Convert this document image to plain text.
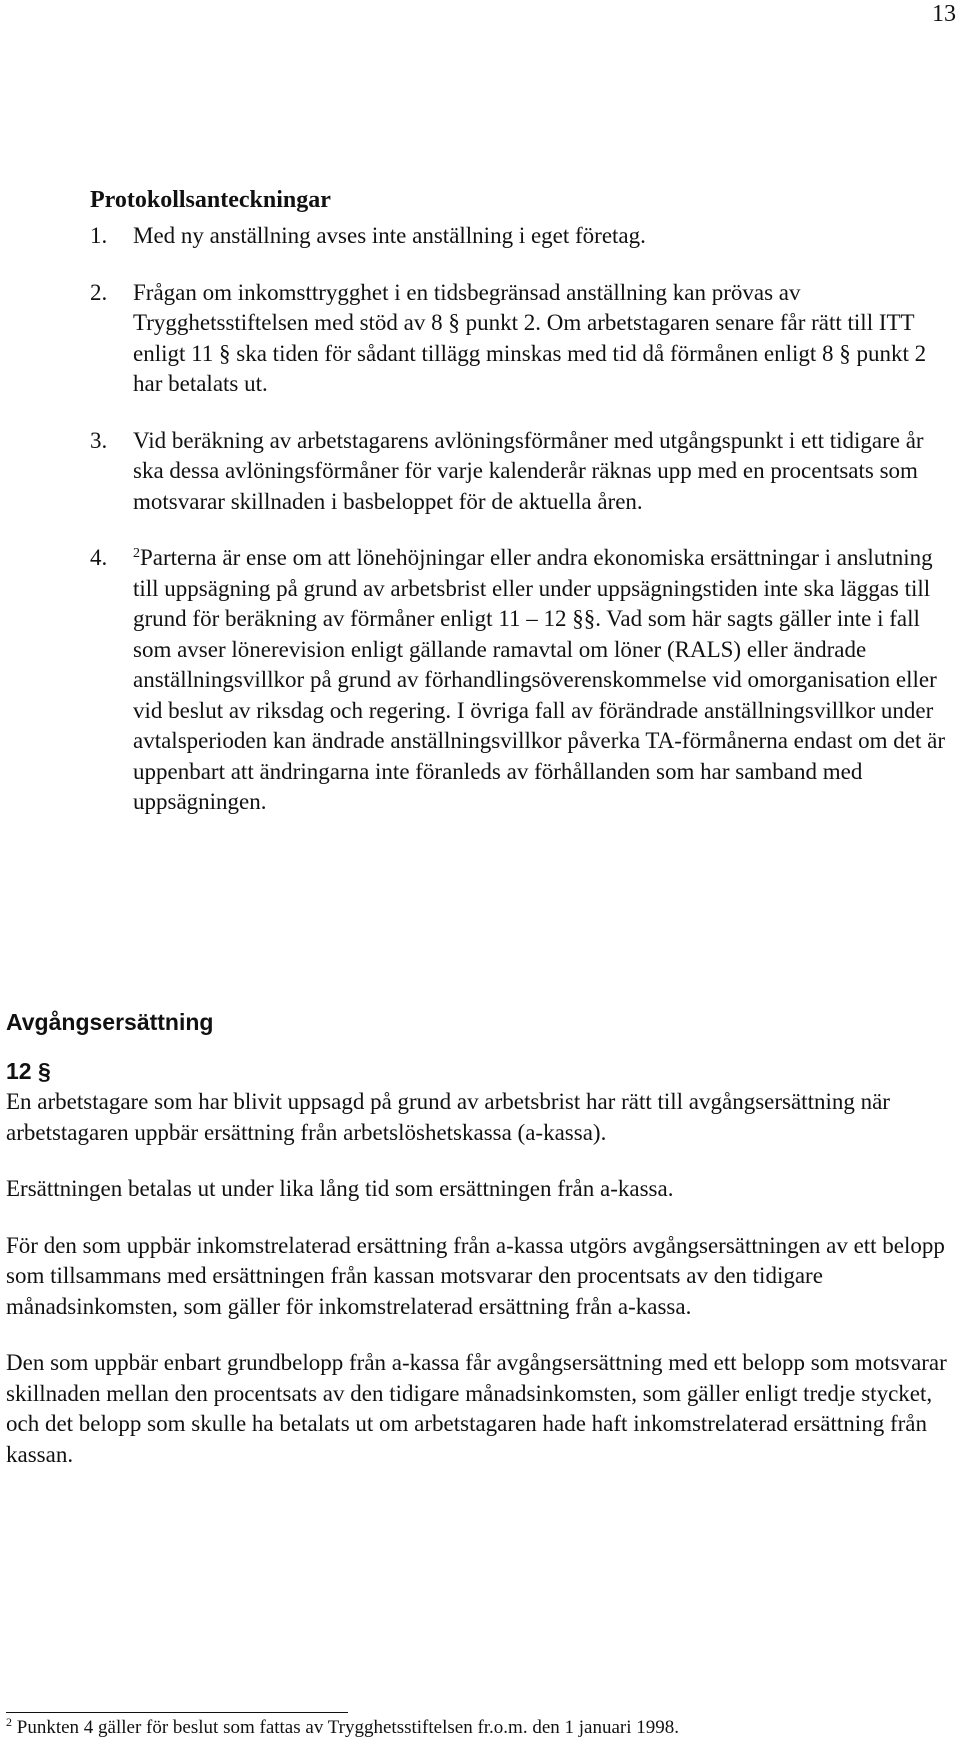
13
Protokollsanteckningar
1. Med ny anställning avses inte anställning i eget företag.
2. Frågan om inkomsttrygghet i en tidsbegränsad anställning kan prövas av Trygghetsstiftelsen med stöd av 8 § punkt 2. Om arbetstagaren senare får rätt till ITT enligt 11 § ska tiden för sådant tillägg minskas med tid då förmånen enligt 8 § punkt 2 har betalats ut.
3. Vid beräkning av arbetstagarens avlöningsförmåner med utgångspunkt i ett tidigare år ska dessa avlöningsförmåner för varje kalenderår räknas upp med en procentsats som motsvarar skillnaden i basbeloppet för de aktuella åren.
4. $^2$Parterna är ense om att lönehöjningar eller andra ekonomiska ersättningar i anslutning till uppsägning på grund av arbetsbrist eller under uppsägningstiden inte ska läggas till grund för beräkning av förmåner enligt 11 – 12 §§. Vad som här sagts gäller inte i fall som avser lönerevision enligt gällande ramavtal om löner (RALS) eller ändrade anställningsvillkor på grund av förhandlingsöverenskommelse vid omorganisation eller vid beslut av riksdag och regering. I övriga fall av förändrade anställningsvillkor under avtalsperioden kan ändrade anställningsvillkor påverka TA-förmånerna endast om det är uppenbart att ändringarna inte föranleds av förhållanden som har samband med uppsägningen.
Avgångsersättning
12 §

En arbetstagare som har blivit uppsagd på grund av arbetsbrist har rätt till avgångsersättning när arbetstagaren uppbär ersättning från arbetslöshetskassa (a-kassa).

Ersättningen betalas ut under lika lång tid som ersättningen från a-kassa.

För den som uppbär inkomstrelaterad ersättning från a-kassa utgörs avgångsersättningen av ett belopp som tillsammans med ersättningen från kassan motsvarar den procentsats av den tidigare månadsinkomsten, som gäller för inkomstrelaterad ersättning från a-kassa.

Den som uppbär enbart grundbelopp från a-kassa får avgångsersättning med ett belopp som motsvarar skillnaden mellan den procentsats av den tidigare månadsinkomsten, som gäller enligt tredje stycket, och det belopp som skulle ha betalats ut om arbetstagaren hade haft inkomstrelaterad ersättning från kassan.

$^2$ Punkten 4 gäller för beslut som fattas av Trygghetsstiftelsen fr.o.m. den 1 januari 1998.
